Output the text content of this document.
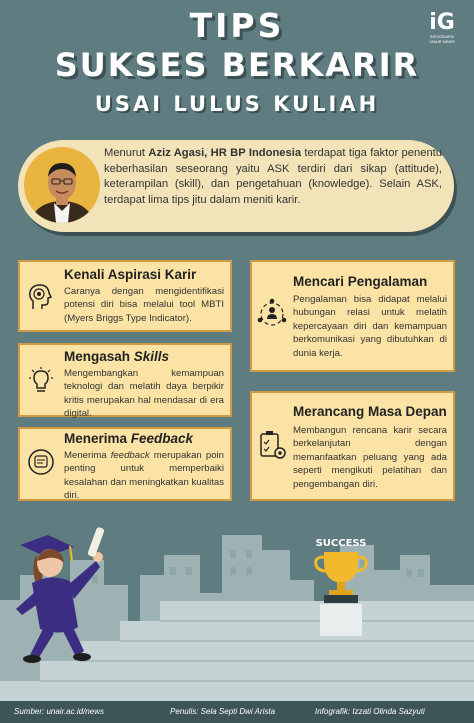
TIPS
SUKSES BERKARIR
USAI LULUS KULIAH
iG
INFOGRAFIK UNAIR NEWS
Menurut Aziz Agasi, HR BP Indonesia terdapat tiga faktor penentu keberhasilan seseorang yaitu ASK terdiri dari sikap (attitude), keterampilan (skill), dan pengetahuan (knowledge). Selain ASK, terdapat lima tips jitu dalam meniti karir.
Kenali Aspirasi Karir
Caranya dengan mengidentifikasi potensi diri bisa melalui tool MBTI (Myers Briggs Type Indicator).
Mengasah Skills
Mengembangkan kemampuan teknologi dan melatih daya berpikir kritis merupakan hal mendasar di era digital.
Menerima Feedback
Menerima feedback merupakan poin penting untuk memperbaiki kesalahan dan meningkatkan kualitas diri.
Mencari Pengalaman
Pengalaman bisa didapat melalui hubungan relasi untuk melatih kepercayaan diri dan kemampuan berkomunikasi yang dibutuhkan di dunia kerja.
Merancang Masa Depan
Membangun rencana karir secara berkelanjutan dengan memanfaatkan peluang yang ada seperti mengikuti pelatihan dan pengembangan diri.
SUCCESS
Sumber: unair.ac.id/news	Penulis: Sela Septi Dwi Arista	Infografik: Izzati Olinda Sazyuti
